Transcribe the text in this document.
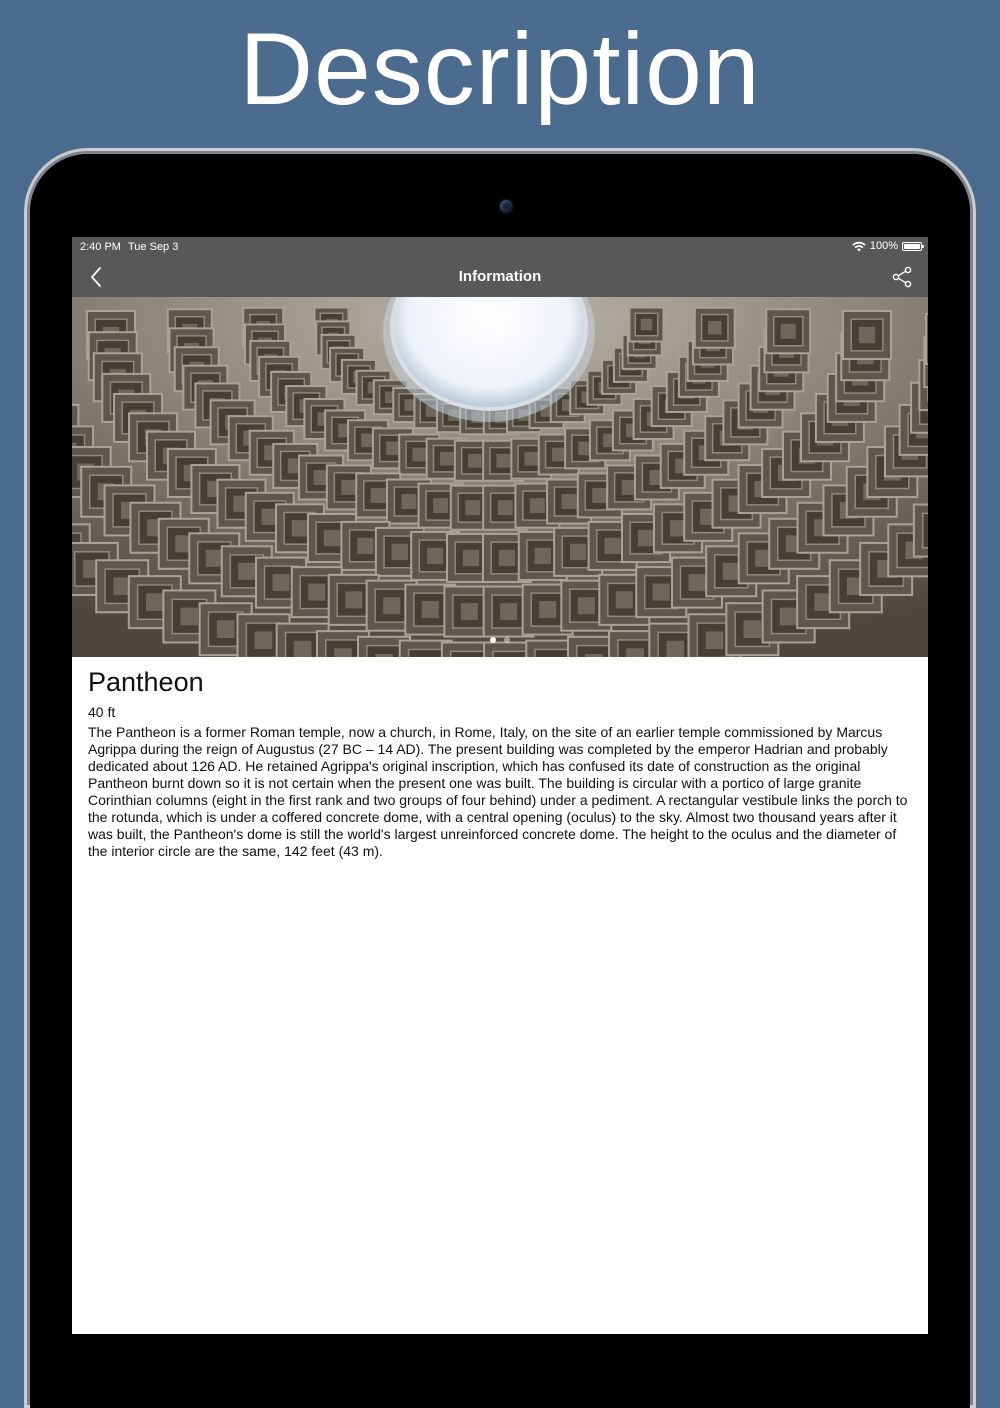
Description
2:40 PM Tue Sep 3	100%
Information
Pantheon
40 ft
The Pantheon is a former Roman temple, now a church, in Rome, Italy, on the site of an earlier temple commissioned by Marcus Agrippa during the reign of Augustus (27 BC – 14 AD). The present building was completed by the emperor Hadrian and probably dedicated about 126 AD. He retained Agrippa's original inscription, which has confused its date of construction as the original Pantheon burnt down so it is not certain when the present one was built. The building is circular with a portico of large granite Corinthian columns (eight in the first rank and two groups of four behind) under a pediment. A rectangular vestibule links the porch to the rotunda, which is under a coffered concrete dome, with a central opening (oculus) to the sky. Almost two thousand years after it was built, the Pantheon's dome is still the world's largest unreinforced concrete dome. The height to the oculus and the diameter of the interior circle are the same, 142 feet (43 m).
